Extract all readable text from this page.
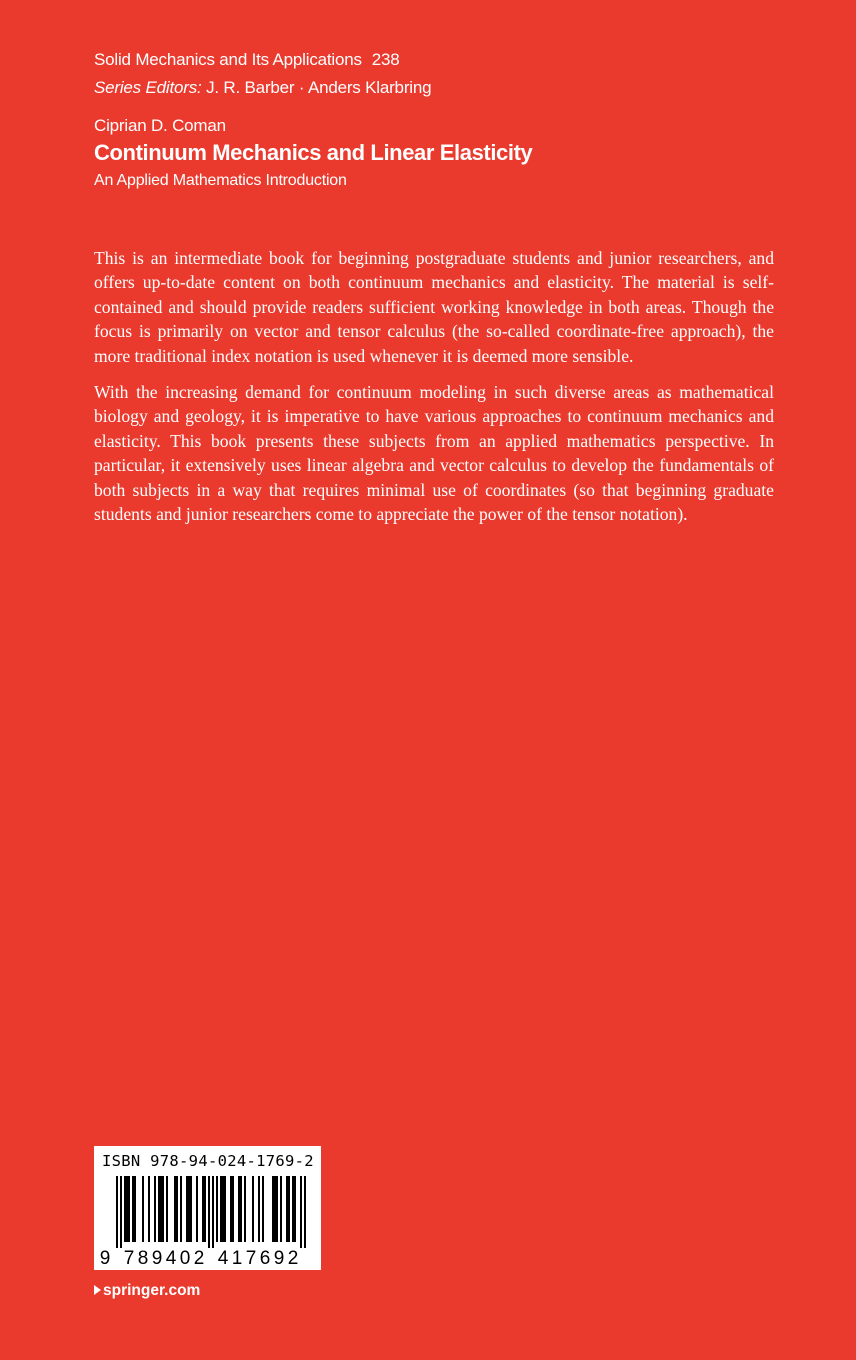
Solid Mechanics and Its Applications 238
Series Editors: J. R. Barber · Anders Klarbring
Ciprian D. Coman
Continuum Mechanics and Linear Elasticity
An Applied Mathematics Introduction

This is an intermediate book for beginning postgraduate students and junior researchers, and offers up-to-date content on both continuum mechanics and elasticity. The material is self-contained and should provide readers sufficient working knowledge in both areas. Though the focus is primarily on vector and tensor calculus (the so-called coordinate-free approach), the more traditional index notation is used whenever it is deemed more sensible.

With the increasing demand for continuum modeling in such diverse areas as mathematical biology and geology, it is imperative to have various approaches to continuum mechanics and elasticity. This book presents these subjects from an applied mathematics perspective. In particular, it extensively uses linear algebra and vector calculus to develop the fundamentals of both subjects in a way that requires minimal use of coordinates (so that beginning graduate students and junior researchers come to appreciate the power of the tensor notation).

ISBN 978-94-024-1769-2
9 7 8 9 4 0 2 4 1 7 6 9 2
springer.com
